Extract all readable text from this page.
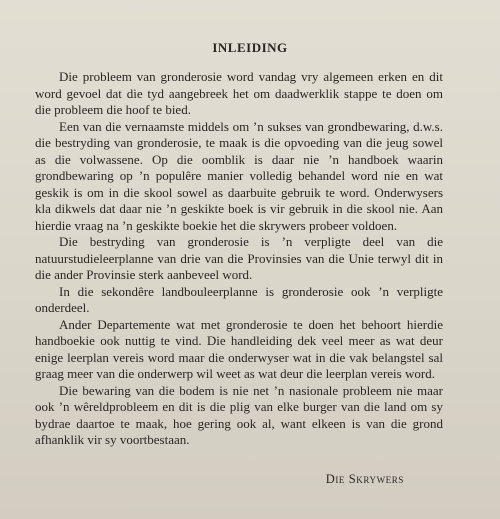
INLEIDING

Die probleem van gronderosie word vandag vry algemeen erken en dit word gevoel dat die tyd aangebreek het om daadwerklik stappe te doen om die probleem die hoof te bied.

Een van die vernaamste middels om ’n sukses van grondbewaring, d.w.s. die bestryding van gronderosie, te maak is die opvoeding van die jeug sowel as die volwassene. Op die oomblik is daar nie ’n handboek waarin grondbewaring op ’n populêre manier volledig behandel word nie en wat geskik is om in die skool sowel as daarbuite gebruik te word. Onderwysers kla dikwels dat daar nie ’n geskikte boek is vir gebruik in die skool nie. Aan hierdie vraag na ’n geskikte boekie het die skrywers probeer voldoen.

Die bestryding van gronderosie is ’n verpligte deel van die natuurstudieleerplanne van drie van die Provinsies van die Unie terwyl dit in die ander Provinsie sterk aanbeveel word.

In die sekondêre landbouleerplanne is gronderosie ook ’n verpligte onderdeel.

Ander Departemente wat met gronderosie te doen het behoort hierdie handboekie ook nuttig te vind. Die handleiding dek veel meer as wat deur enige leerplan vereis word maar die onderwyser wat in die vak belangstel sal graag meer van die onderwerp wil weet as wat deur die leerplan vereis word.

Die bewaring van die bodem is nie net ’n nasionale probleem nie maar ook ’n wêreldprobleem en dit is die plig van elke burger van die land om sy bydrae daartoe te maak, hoe gering ook al, want elkeen is van die grond afhanklik vir sy voortbestaan.

Die Skrywers
